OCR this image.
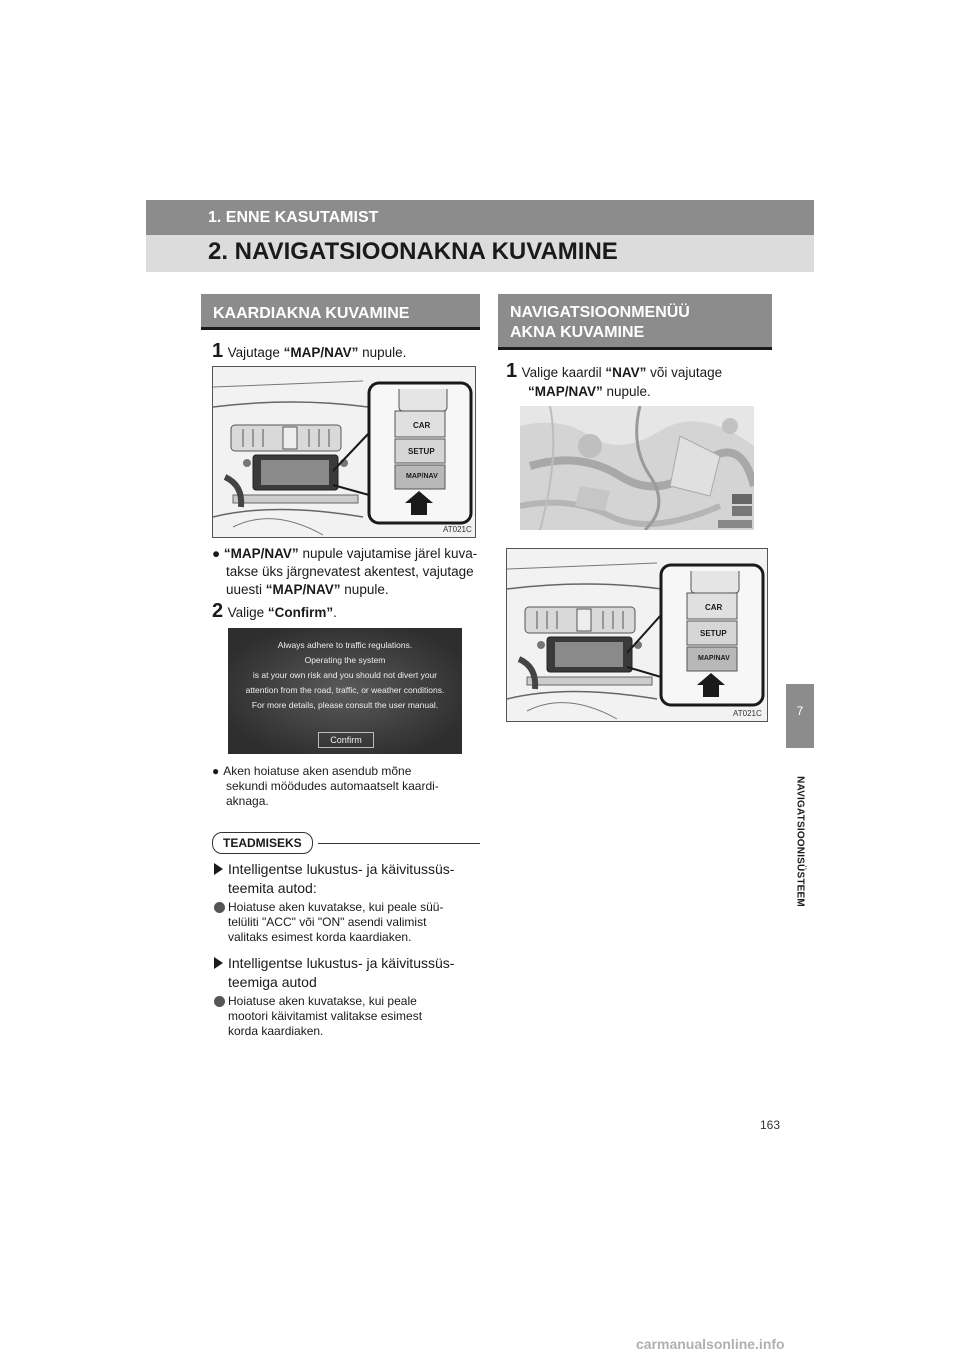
1. ENNE KASUTAMIST
2. NAVIGATSIOONAKNA KUVAMINE
7
NAVIGATSIOONISÜSTEEM
KAARDIAKNA KUVAMINE
1 Vajutage “MAP/NAV” nupule.
CAR
SETUP
MAP/NAV
AT021C
● “MAP/NAV” nupule vajutamise järel kuva-
takse üks järgnevatest akentest, vajutage
uuesti “MAP/NAV” nupule.
2 Valige “Confirm”.
Always adhere to traffic regulations.
Operating the system
is at your own risk and you should not divert your
attention from the road, traffic, or weather conditions.
For more details, please consult the user manual.
Confirm
● Aken hoiatuse aken asendub mõne
sekundi möödudes automaatselt kaardi-
aknaga.
TEADMISEKS
Intelligentse lukustus- ja käivitussüs-
teemita autod:
Hoiatuse aken kuvatakse, kui peale süü-
telüliti "ACC" või "ON" asendi valimist
valitaks esimest korda kaardiaken.
Intelligentse lukustus- ja käivitussüs-
teemiga autod
Hoiatuse aken kuvatakse, kui peale
mootori käivitamist valitakse esimest
korda kaardiaken.
NAVIGATSIOONMENÜÜ
AKNA KUVAMINE
1 Valige kaardil “NAV” või vajutage
“MAP/NAV” nupule.
CAR
SETUP
MAP/NAV
AT021C
163
carmanualsonline.info
